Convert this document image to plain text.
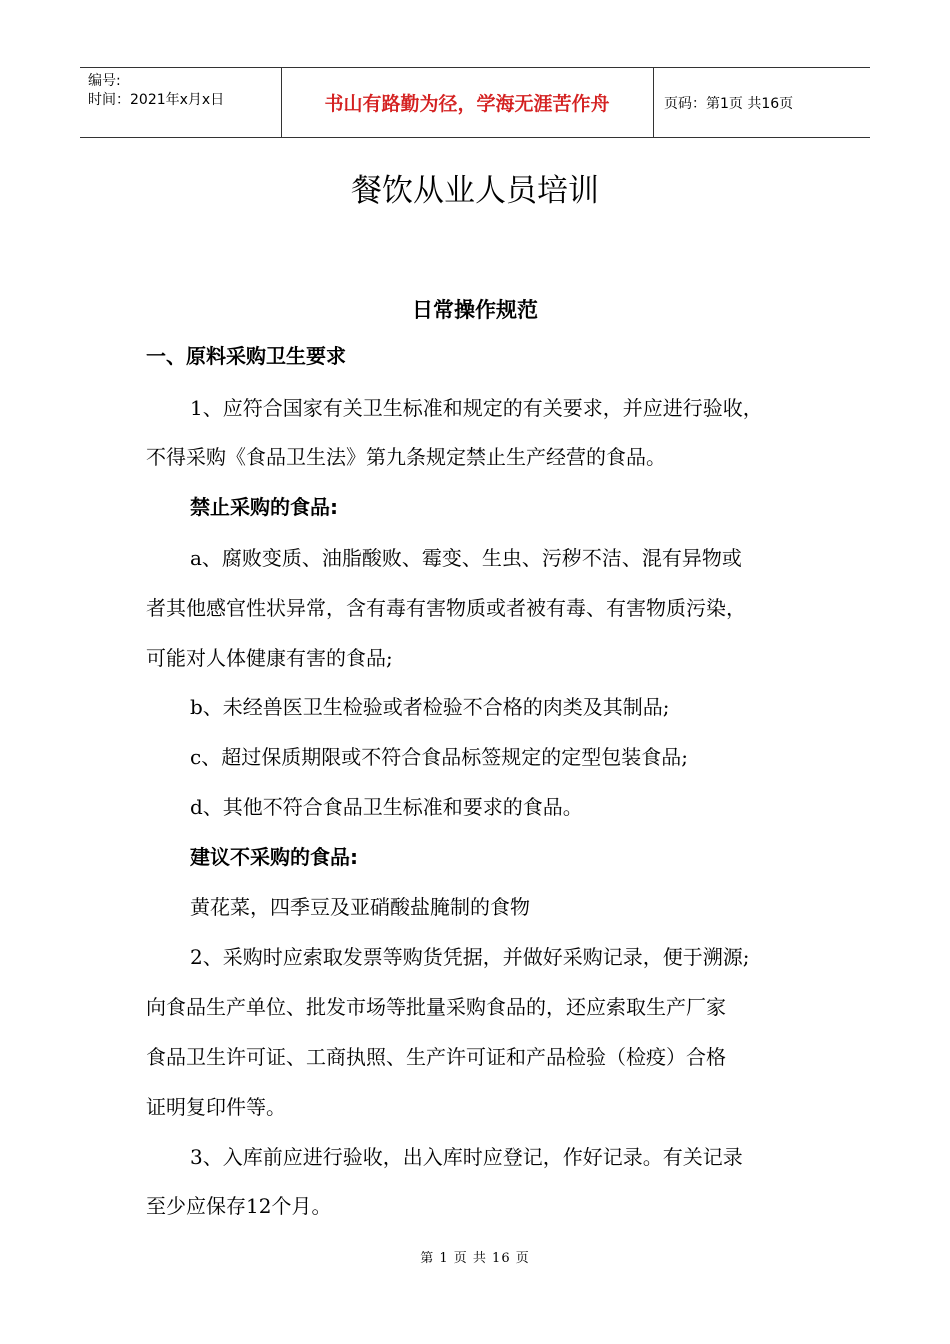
编号:
时间：2021年x月x日	书山有路勤为径，学海无涯苦作舟	页码：第1页 共16页
餐饮从业人员培训
日常操作规范
一、原料采购卫生要求
1、应符合国家有关卫生标准和规定的有关要求，并应进行验收，
不得采购《食品卫生法》第九条规定禁止生产经营的食品。
禁止采购的食品:
a、腐败变质、油脂酸败、霉变、生虫、污秽不洁、混有异物或
者其他感官性状异常，含有毒有害物质或者被有毒、有害物质污染，
可能对人体健康有害的食品;
b、未经兽医卫生检验或者检验不合格的肉类及其制品;
c、超过保质期限或不符合食品标签规定的定型包装食品;
d、其他不符合食品卫生标准和要求的食品。
建议不采购的食品:
黄花菜，四季豆及亚硝酸盐腌制的食物
2、采购时应索取发票等购货凭据，并做好采购记录，便于溯源;
向食品生产单位、批发市场等批量采购食品的，还应索取生产厂家
食品卫生许可证、工商执照、生产许可证和产品检验（检疫）合格
证明复印件等。
3、入库前应进行验收，出入库时应登记，作好记录。有关记录
至少应保存12个月。
第 1 页 共 16 页
